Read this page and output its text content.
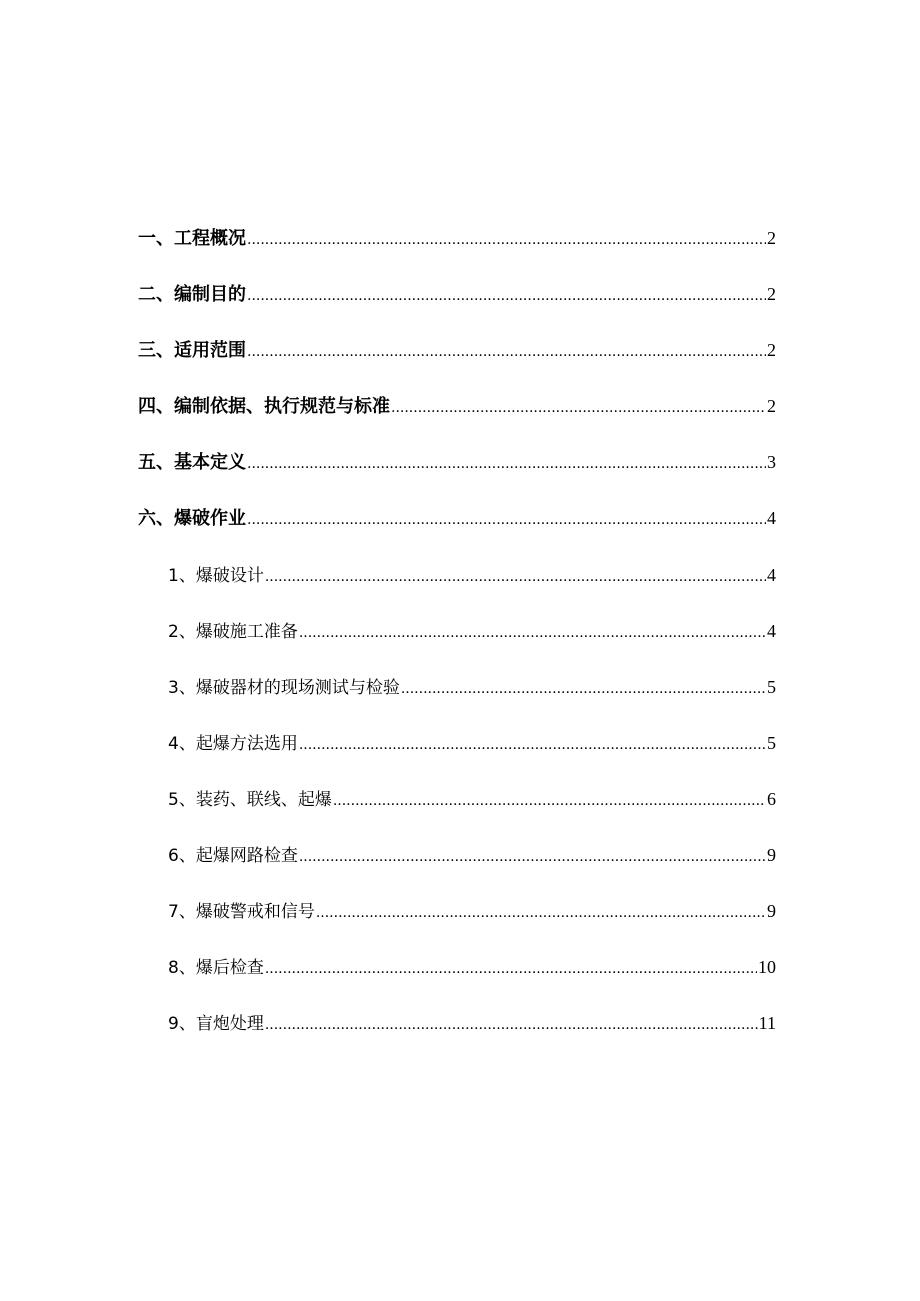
一、工程概况 .....	2
二、编制目的 .....	2
三、适用范围 .....	2
四、编制依据、执行规范与标准 .....	2
五、基本定义 .....	3
六、爆破作业 .....	4
1、爆破设计 .....	4
2、爆破施工准备 .....	4
3、爆破器材的现场测试与检验 .....	5
4、起爆方法选用 .....	5
5、装药、联线、起爆 .....	6
6、起爆网路检查 .....	9
7、爆破警戒和信号 .....	9
8、爆后检查 .....	10
9、盲炮处理 .....	11
